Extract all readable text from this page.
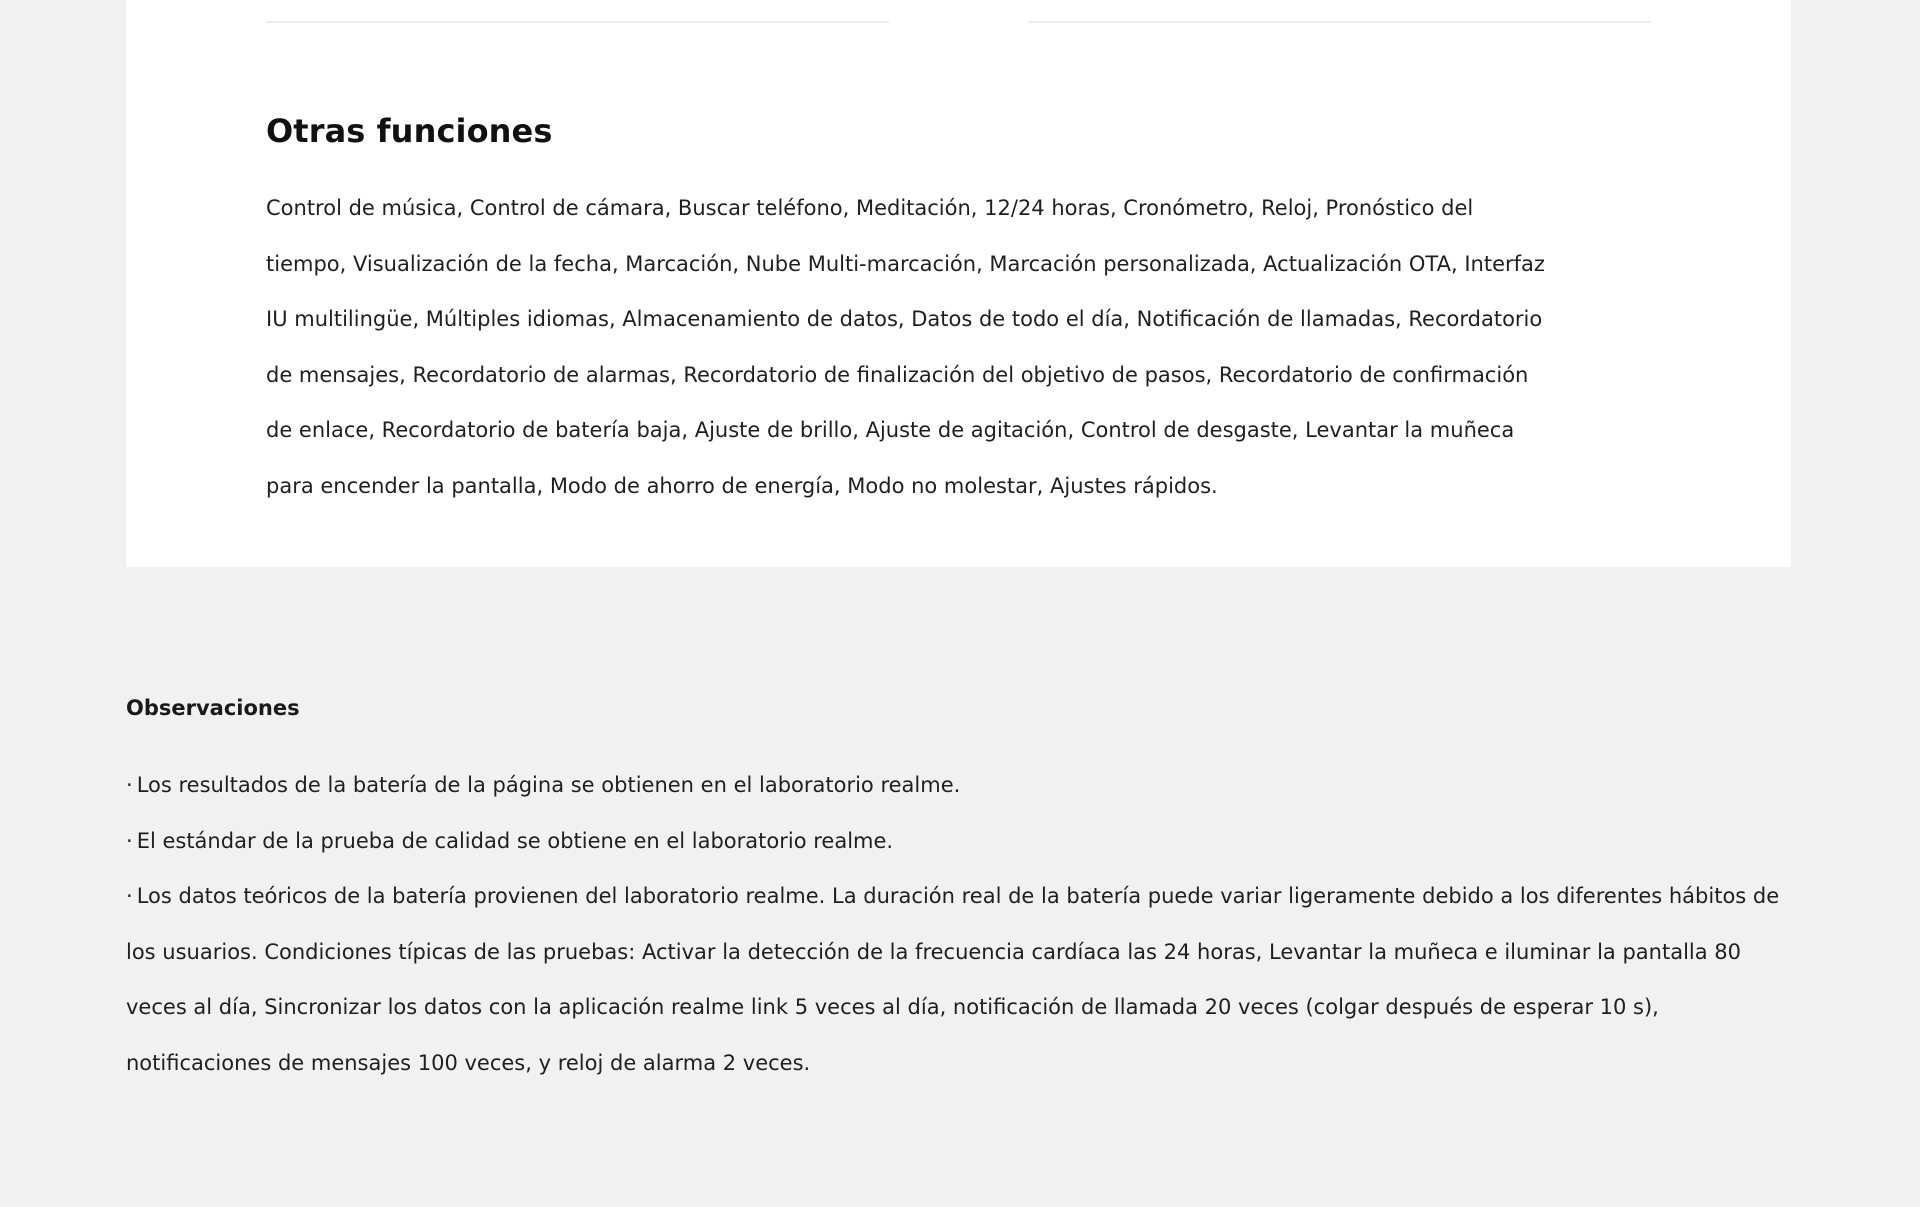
Otras funciones

Control de música, Control de cámara, Buscar teléfono, Meditación, 12/24 horas, Cronómetro, Reloj, Pronóstico del tiempo, Visualización de la fecha, Marcación, Nube Multi-marcación, Marcación personalizada, Actualización OTA, Interfaz IU multilingüe, Múltiples idiomas, Almacenamiento de datos, Datos de todo el día, Notificación de llamadas, Recordatorio de mensajes, Recordatorio de alarmas, Recordatorio de finalización del objetivo de pasos, Recordatorio de confirmación de enlace, Recordatorio de batería baja, Ajuste de brillo, Ajuste de agitación, Control de desgaste, Levantar la muñeca para encender la pantalla, Modo de ahorro de energía, Modo no molestar, Ajustes rápidos.

Observaciones
· Los resultados de la batería de la página se obtienen en el laboratorio realme.
· El estándar de la prueba de calidad se obtiene en el laboratorio realme.
· Los datos teóricos de la batería provienen del laboratorio realme. La duración real de la batería puede variar ligeramente debido a los diferentes hábitos de los usuarios. Condiciones típicas de las pruebas: Activar la detección de la frecuencia cardíaca las 24 horas, Levantar la muñeca e iluminar la pantalla 80 veces al día, Sincronizar los datos con la aplicación realme link 5 veces al día, notificación de llamada 20 veces (colgar después de esperar 10 s), notificaciones de mensajes 100 veces, y reloj de alarma 2 veces.
